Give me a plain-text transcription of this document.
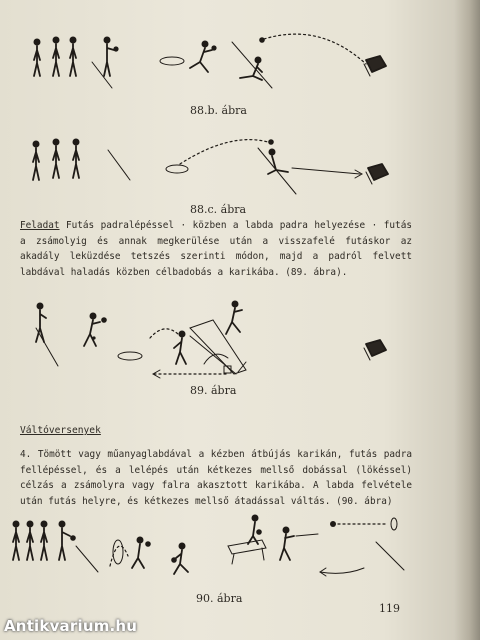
88.b. ábra
88.c. ábra

Feladat Futás padralépéssel · közben a labda padra helyezése · futás a zsámolyig és annak megkerülése után a visszafelé futáskor az akadály leküzdése tetszés szerinti módon, majd a padról felvett labdával haladás közben célbadobás a karikába. (89. ábra).

89. ábra
Váltóversenyek

4. Tömött vagy műanyaglabdával a kézben átbújás karikán, futás padra fellépéssel, és a lelépés után kétkezes mellső dobással (lökéssel) célzás a zsámolyra vagy falra akasztott karikába. A labda felvétele után futás helyre, és kétkezes mellső átadással váltás. (90. ábra)

90. ábra
119
Antikvarium.hu
